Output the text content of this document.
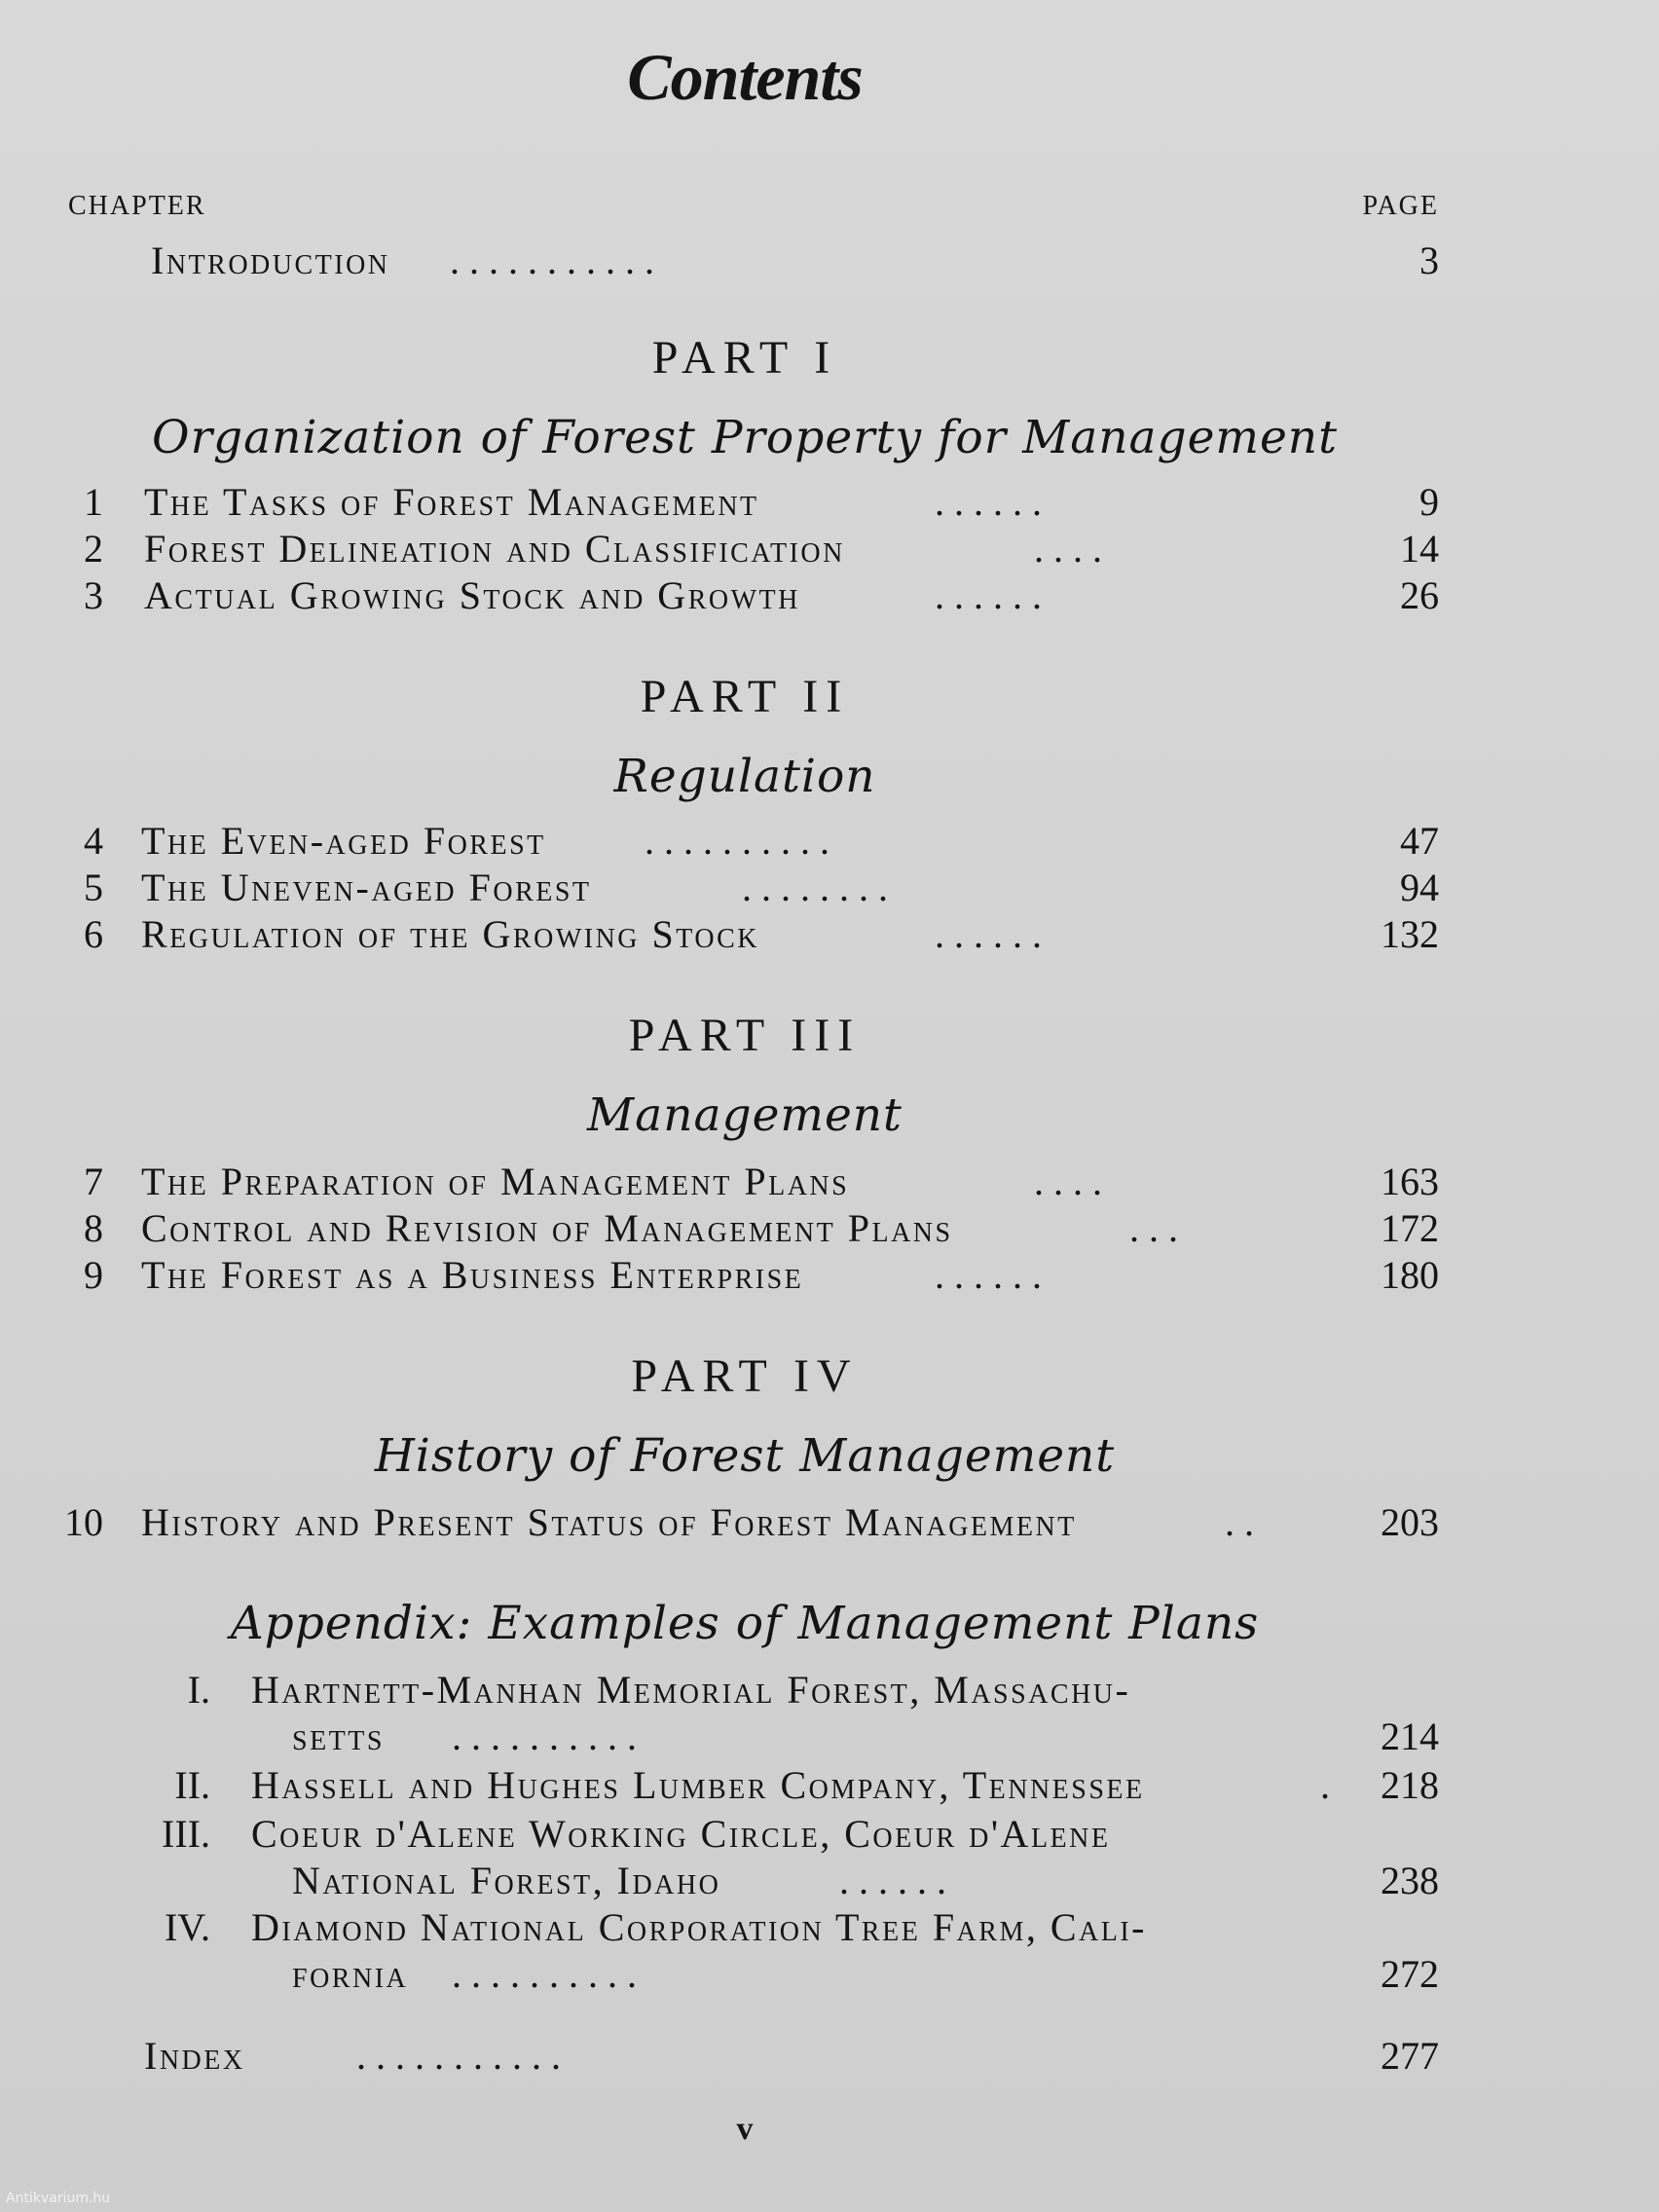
Contents
CHAPTER	PAGE
Introduction . . . . . . . . . . .	3
PART I
Organization of Forest Property for Management
1 The Tasks of Forest Management	. . . . . .	9
2 Forest Delineation and Classification	. . . .	14
3 Actual Growing Stock and Growth	. . . . . .	26
PART II
Regulation
4 The Even-aged Forest	. . . . . . . . . .	47
5 The Uneven-aged Forest	. . . . . . . .	94
6 Regulation of the Growing Stock	. . . . . .	132
PART III
Management
7 The Preparation of Management Plans	. . . .	163
8 Control and Revision of Management Plans	. . .	172
9 The Forest as a Business Enterprise	. . . . . .	180
PART IV
History of Forest Management
10 History and Present Status of Forest Management	. .	203
Appendix: Examples of Management Plans
I. Hartnett-Manhan Memorial Forest, Massachu-
setts . . . . . . . . . .	214
II. Hassell and Hughes Lumber Company, Tennessee	. 218
III. Coeur d'Alene Working Circle, Coeur d'Alene
National Forest, Idaho	. . . . . .	238
IV. Diamond National Corporation Tree Farm, Cali-
fornia . . . . . . . . . .	272
Index	. . . . . . . . . . .	277
v
Antikvarium.hu
